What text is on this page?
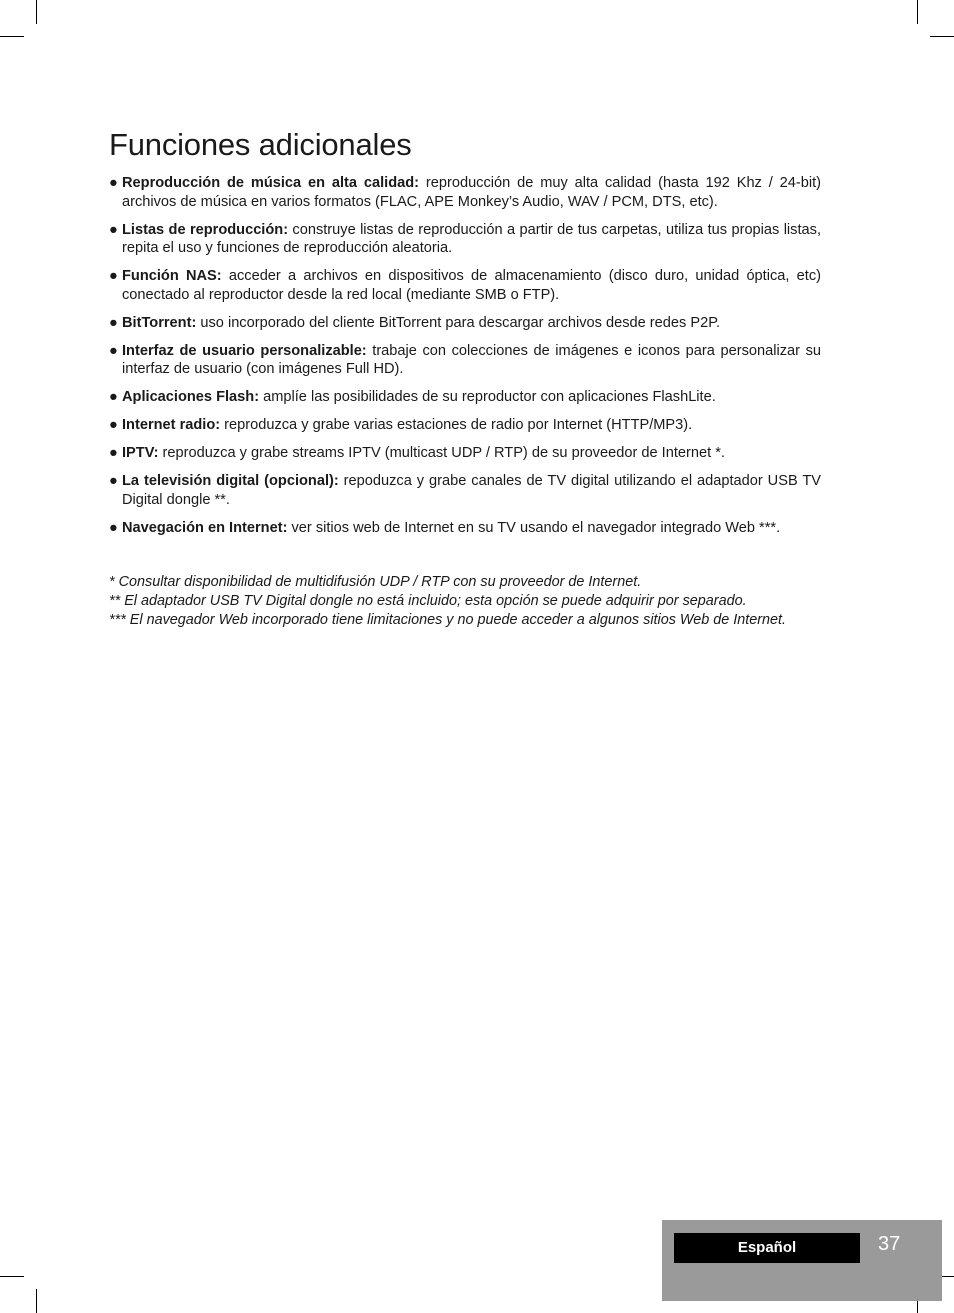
Funciones adicionales
● Reproducción de música en alta calidad: reproducción de muy alta calidad (hasta 192 Khz / 24-bit) archivos de música en varios formatos (FLAC, APE Monkey’s Audio, WAV / PCM, DTS, etc).
● Listas de reproducción: construye listas de reproducción a partir de tus carpetas, utiliza tus propias listas, repita el uso y funciones de reproducción aleatoria.
● Función NAS: acceder a archivos en dispositivos de almacenamiento (disco duro, unidad óptica, etc) conectado al reproductor desde la red local (mediante SMB o FTP).
● BitTorrent: uso incorporado del cliente BitTorrent para descargar archivos desde redes P2P.
● Interfaz de usuario personalizable: trabaje con colecciones de imágenes e iconos para personalizar su interfaz de usuario (con imágenes Full HD).
● Aplicaciones Flash: amplíe las posibilidades de su reproductor con aplicaciones FlashLite.
● Internet radio: reproduzca y grabe varias estaciones de radio por Internet (HTTP/MP3).
● IPTV: reproduzca y grabe streams IPTV (multicast UDP / RTP) de su proveedor de Internet *.
● La televisión digital (opcional): repoduzca y grabe canales de TV digital utilizando el adaptador USB TV Digital dongle **.
● Navegación en Internet: ver sitios web de Internet en su TV usando el navegador integrado Web ***.

* Consultar disponibilidad de multidifusión UDP / RTP con su proveedor de Internet.

** El adaptador USB TV Digital dongle no está incluido; esta opción se puede adquirir por separado.

*** El navegador Web incorporado tiene limitaciones y no puede acceder a algunos sitios Web de Internet.

Español	37
